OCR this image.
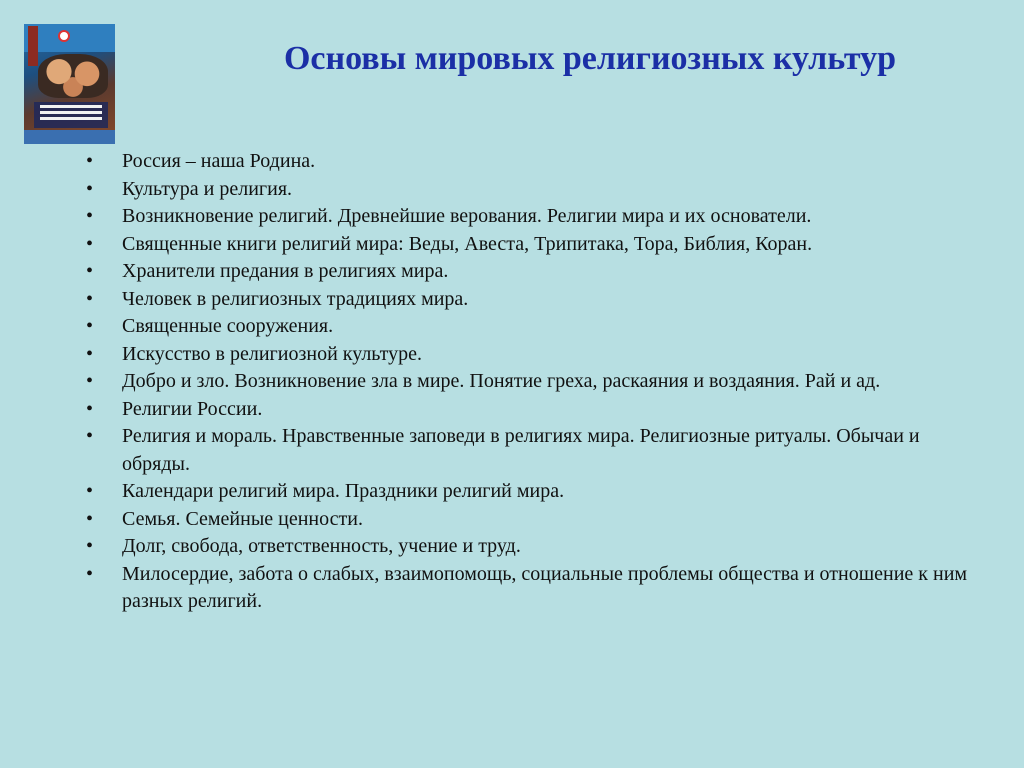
Основы мировых религиозных культур
• Россия – наша Родина.
• Культура и религия.
• Возникновение религий. Древнейшие верования. Религии мира и их основатели.
• Священные книги религий мира: Веды, Авеста, Трипитака, Тора, Библия, Коран.
• Хранители предания в религиях мира.
• Человек в религиозных традициях мира.
• Священные сооружения.
• Искусство в религиозной культуре.
• Добро и зло. Возникновение зла в мире. Понятие греха, раскаяния и воздаяния. Рай и ад.
• Религии России.
• Религия и мораль. Нравственные заповеди в религиях мира. Религиозные ритуалы. Обычаи и обряды.
• Календари религий мира. Праздники религий мира.
• Семья. Семейные ценности.
• Долг, свобода, ответственность, учение и труд.
• Милосердие, забота о слабых, взаимопомощь, социальные проблемы общества и отношение к ним разных религий.
